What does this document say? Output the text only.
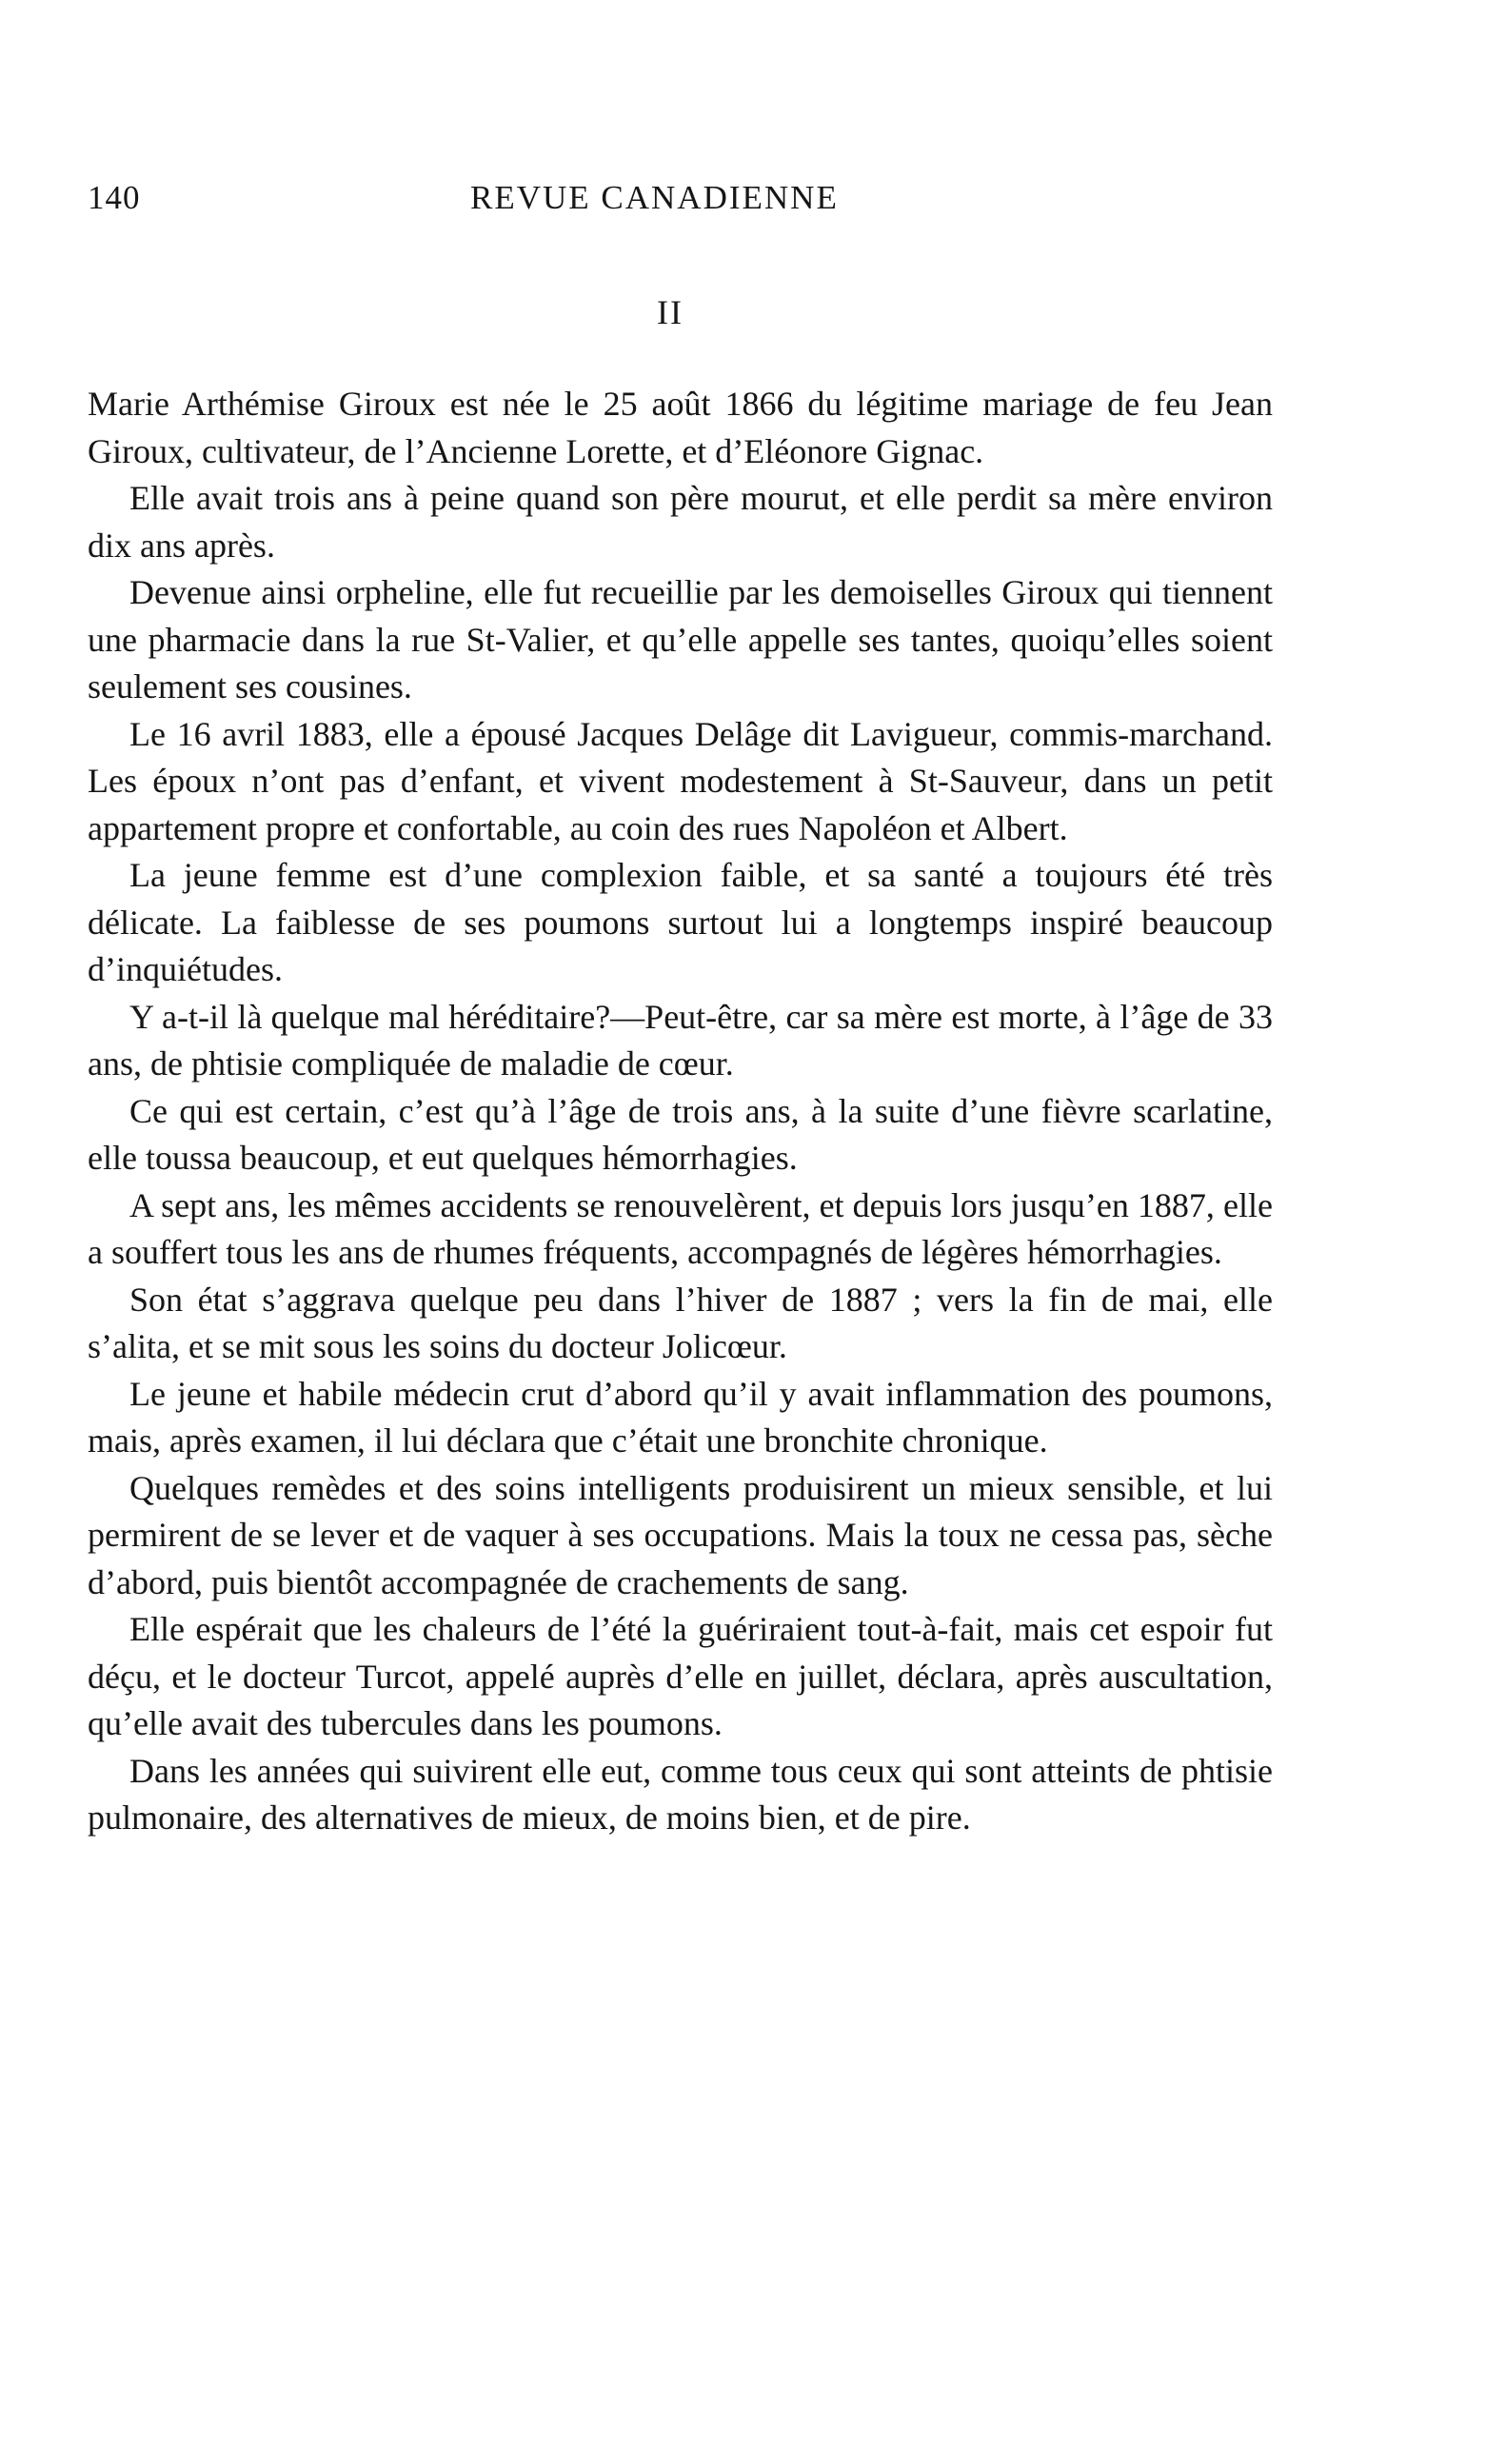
140	REVUE CANADIENNE
II

Marie Arthémise Giroux est née le 25 août 1866 du légitime mariage de feu Jean Giroux, cultivateur, de l’Ancienne Lorette, et d’Eléonore Gignac.

Elle avait trois ans à peine quand son père mourut, et elle perdit sa mère environ dix ans après.

Devenue ainsi orpheline, elle fut recueillie par les demoiselles Giroux qui tiennent une pharmacie dans la rue St-Valier, et qu’elle appelle ses tantes, quoiqu’elles soient seulement ses cousines.

Le 16 avril 1883, elle a épousé Jacques Delâge dit Lavigueur, commis-marchand. Les époux n’ont pas d’enfant, et vivent modestement à St-Sauveur, dans un petit appartement propre et confortable, au coin des rues Napoléon et Albert.

La jeune femme est d’une complexion faible, et sa santé a toujours été très délicate. La faiblesse de ses poumons surtout lui a longtemps inspiré beaucoup d’inquiétudes.

Y a-t-il là quelque mal héréditaire?—Peut-être, car sa mère est morte, à l’âge de 33 ans, de phtisie compliquée de maladie de cœur.

Ce qui est certain, c’est qu’à l’âge de trois ans, à la suite d’une fièvre scarlatine, elle toussa beaucoup, et eut quelques hémorrhagies.

A sept ans, les mêmes accidents se renouvelèrent, et depuis lors jusqu’en 1887, elle a souffert tous les ans de rhumes fréquents, accompagnés de légères hémorrhagies.

Son état s’aggrava quelque peu dans l’hiver de 1887 ; vers la fin de mai, elle s’alita, et se mit sous les soins du docteur Jolicœur.

Le jeune et habile médecin crut d’abord qu’il y avait inflammation des poumons, mais, après examen, il lui déclara que c’était une bronchite chronique.

Quelques remèdes et des soins intelligents produisirent un mieux sensible, et lui permirent de se lever et de vaquer à ses occupations. Mais la toux ne cessa pas, sèche d’abord, puis bientôt accompagnée de crachements de sang.

Elle espérait que les chaleurs de l’été la guériraient tout-à-fait, mais cet espoir fut déçu, et le docteur Turcot, appelé auprès d’elle en juillet, déclara, après auscultation, qu’elle avait des tubercules dans les poumons.

Dans les années qui suivirent elle eut, comme tous ceux qui sont atteints de phtisie pulmonaire, des alternatives de mieux, de moins bien, et de pire.
